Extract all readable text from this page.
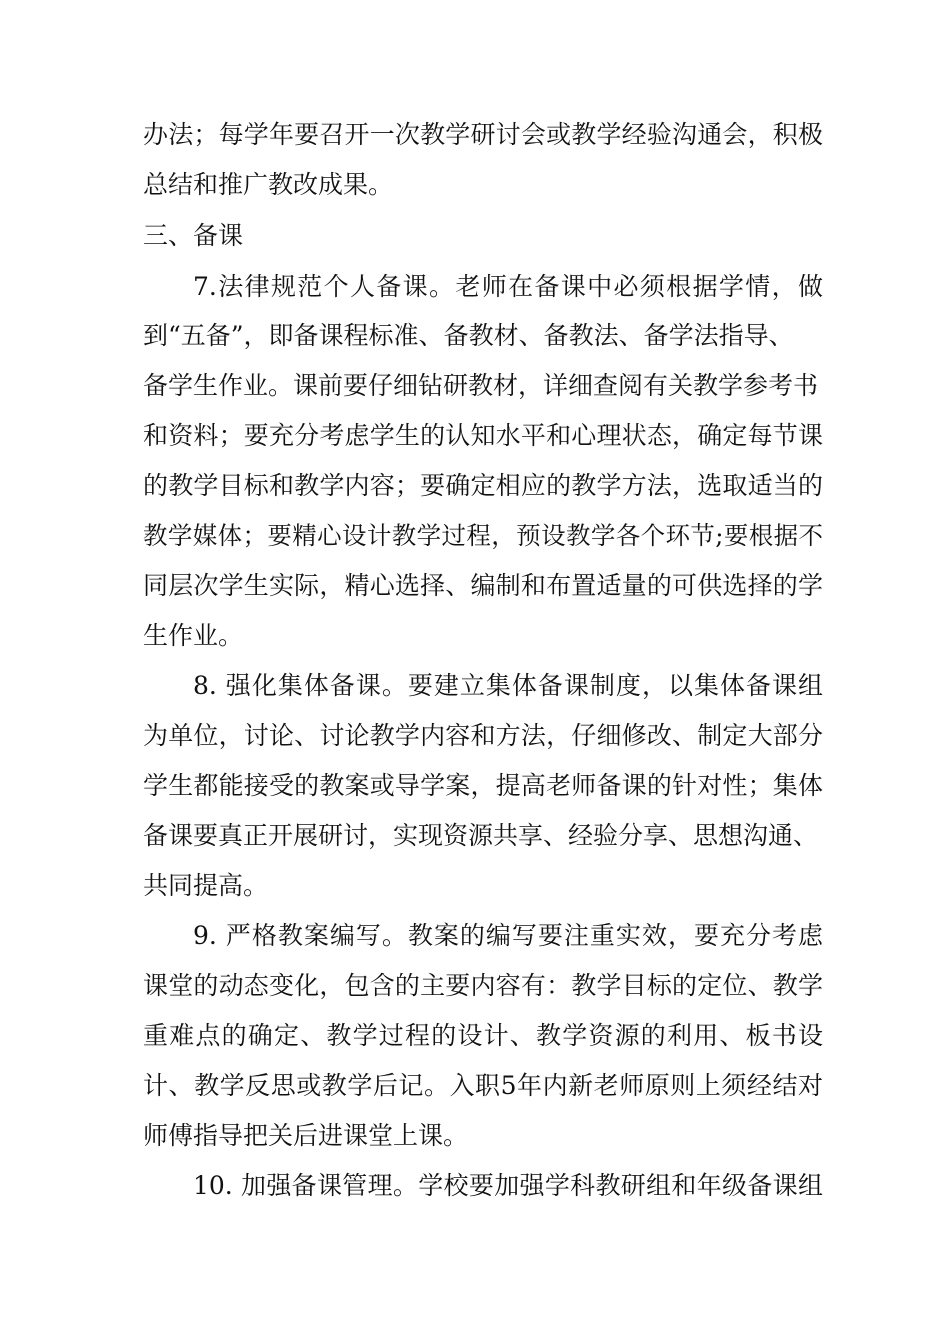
办法；每学年要召开一次教学研讨会或教学经验沟通会，积极
总结和推广教改成果。
三、备课
7.法律规范个人备课。老师在备课中必须根据学情，做
到“五备”，即备课程标准、备教材、备教法、备学法指导、
备学生作业。课前要仔细钻研教材，详细查阅有关教学参考书
和资料；要充分考虑学生的认知水平和心理状态，确定每节课
的教学目标和教学内容；要确定相应的教学方法，选取适当的
教学媒体；要精心设计教学过程，预设教学各个环节;要根据不
同层次学生实际，精心选择、编制和布置适量的可供选择的学
生作业。
8. 强化集体备课。要建立集体备课制度，以集体备课组
为单位，讨论、讨论教学内容和方法，仔细修改、制定大部分
学生都能接受的教案或导学案，提高老师备课的针对性；集体
备课要真正开展研讨，实现资源共享、经验分享、思想沟通、
共同提高。
9. 严格教案编写。教案的编写要注重实效，要充分考虑
课堂的动态变化，包含的主要内容有：教学目标的定位、教学
重难点的确定、教学过程的设计、教学资源的利用、板书设
计、教学反思或教学后记。入职5年内新老师原则上须经结对
师傅指导把关后进课堂上课。
10. 加强备课管理。学校要加强学科教研组和年级备课组
